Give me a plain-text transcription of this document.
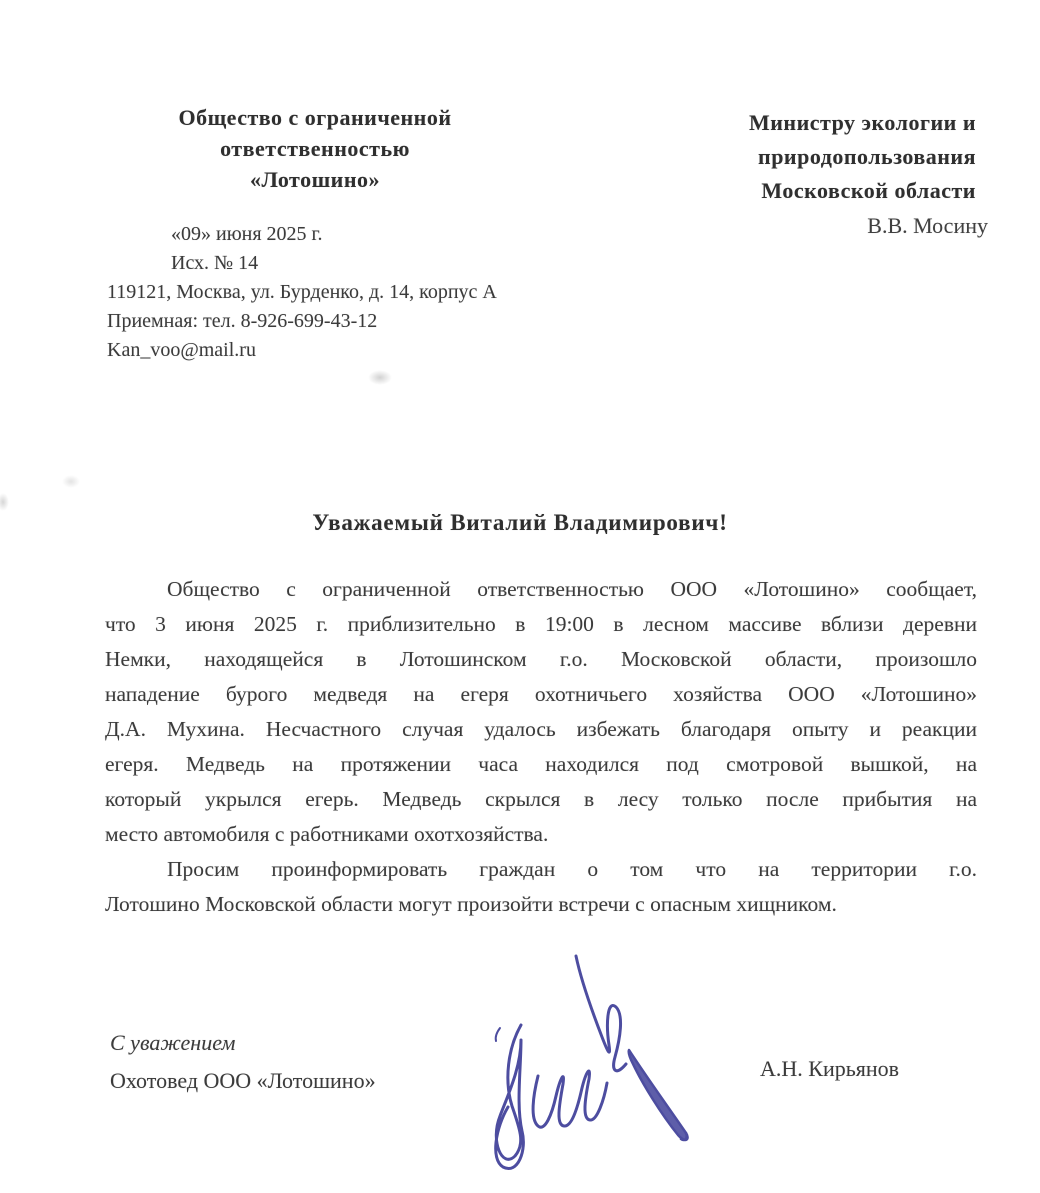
Общество с ограниченной
ответственностью
«Лотошино»
Министру экологии и
природопользования
Московской области
В.В. Мосину
«09» июня 2025 г.
Исх. № 14
119121, Москва, ул. Бурденко, д. 14, корпус А
Приемная: тел. 8-926-699-43-12
Kan_voo@mail.ru
Уважаемый Виталий Владимирович!
Общество с ограниченной ответственностью ООО «Лотошино» сообщает,
что 3 июня 2025 г. приблизительно в 19:00 в лесном массиве вблизи деревни
Немки, находящейся в Лотошинском г.о. Московской области, произошло
нападение бурого медведя на егеря охотничьего хозяйства ООО «Лотошино»
Д.А. Мухина. Несчастного случая удалось избежать благодаря опыту и реакции
егеря. Медведь на протяжении часа находился под смотровой вышкой, на
который укрылся егерь. Медведь скрылся в лесу только после прибытия на
место автомобиля с работниками охотхозяйства.
Просим проинформировать граждан о том что на территории г.о.
Лотошино Московской области могут произойти встречи с опасным хищником.
С уважением
Охотовед ООО «Лотошино»	А.Н. Кирьянов
